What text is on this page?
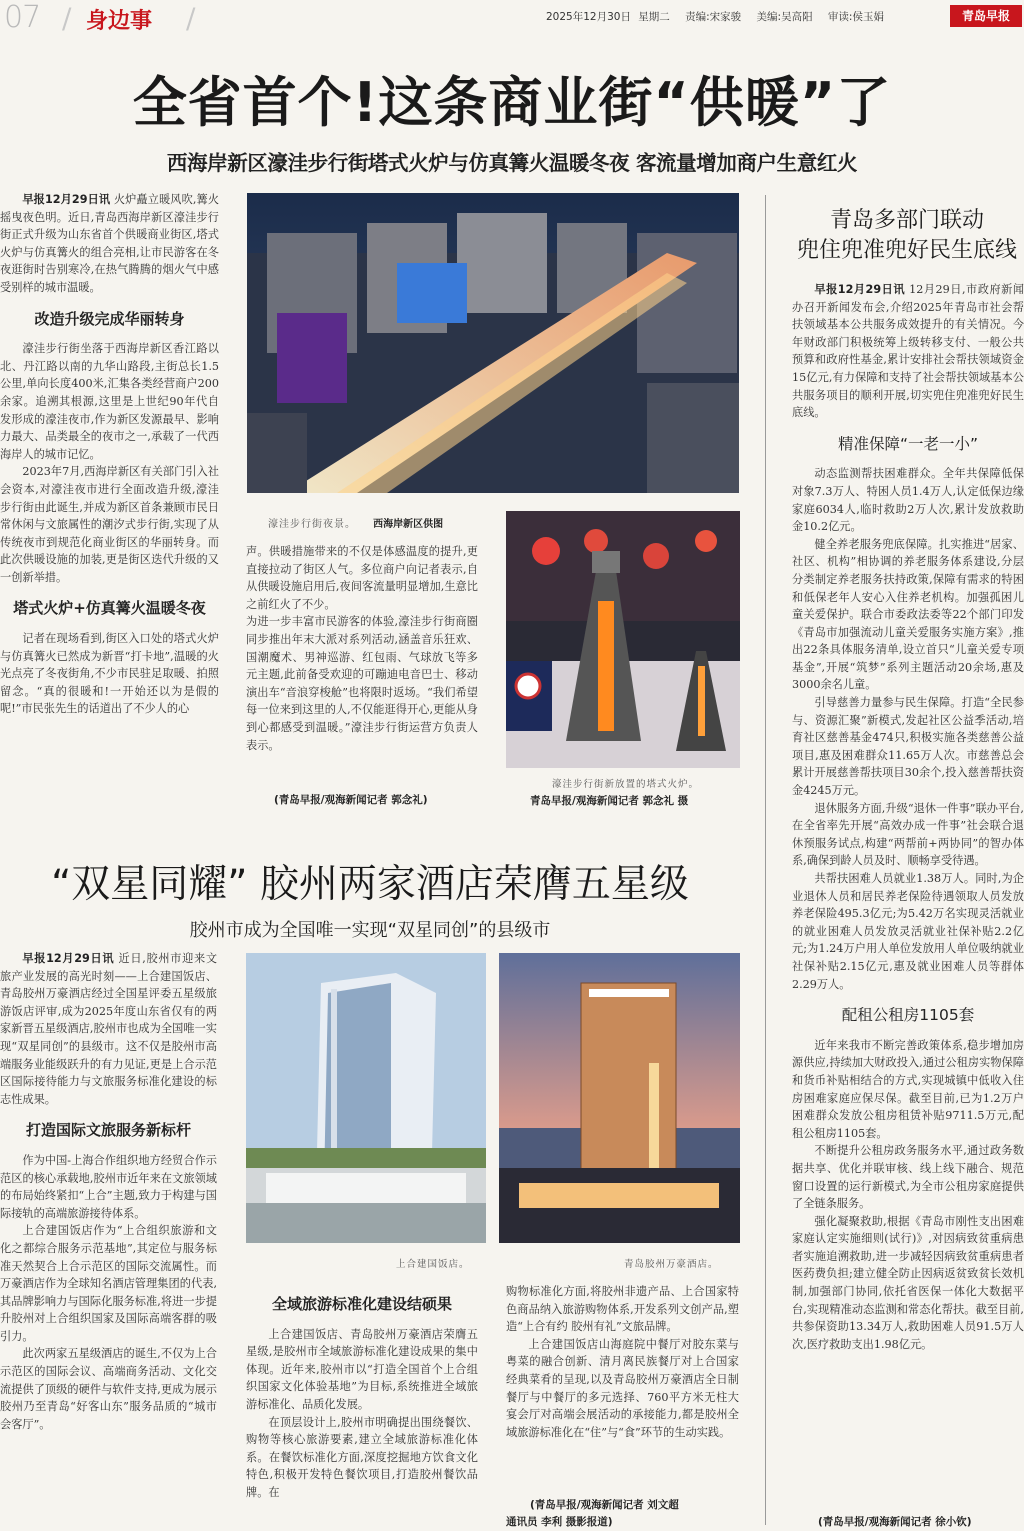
07 / 身边事 /	2025年12月30日 星期二 责编:宋家骏 美编:吴高阳 审读:侯玉娟	青岛早报
全省首个!这条商业街“供暖”了
西海岸新区濠洼步行街塔式火炉与仿真篝火温暖冬夜 客流量增加商户生意红火

早报12月29日讯 火炉矗立暖风吹,篝火摇曳夜色明。近日,青岛西海岸新区濠洼步行街正式升级为山东省首个供暖商业街区,塔式火炉与仿真篝火的组合亮相,让市民游客在冬夜逛街时告别寒冷,在热气腾腾的烟火气中感受别样的城市温暖。

改造升级完成华丽转身

濠洼步行街坐落于西海岸新区香江路以北、丹江路以南的九华山路段,主街总长1.5公里,单向长度400米,汇集各类经营商户200余家。追溯其根源,这里是上世纪90年代自发形成的濠洼夜市,作为新区发源最早、影响力最大、品类最全的夜市之一,承载了一代西海岸人的城市记忆。

2023年7月,西海岸新区有关部门引入社会资本,对濠洼夜市进行全面改造升级,濠洼步行街由此诞生,并成为新区首条兼顾市民日常休闲与文旅属性的潮汐式步行街,实现了从传统夜市到规范化商业街区的华丽转身。而此次供暖设施的加装,更是街区迭代升级的又一创新举措。

塔式火炉+仿真篝火温暖冬夜

记者在现场看到,街区入口处的塔式火炉与仿真篝火已然成为新晋“打卡地”,温暖的火光点亮了冬夜街角,不少市民驻足取暖、拍照留念。“真的很暖和!一开始还以为是假的呢!”市民张先生的话道出了不少人的心

濠洼步行街夜景。 西海岸新区供图

声。供暖措施带来的不仅是体感温度的提升,更直接拉动了街区人气。多位商户向记者表示,自从供暖设施启用后,夜间客流量明显增加,生意比之前红火了不少。

为进一步丰富市民游客的体验,濠洼步行街商圈同步推出年末大派对系列活动,涵盖音乐狂欢、国潮魔术、男神巡游、红包雨、气球放飞等多元主题,此前备受欢迎的可蹦迪电音巴士、移动演出车“音浪穿梭舱”也将限时返场。“我们希望每一位来到这里的人,不仅能逛得开心,更能从身到心都感受到温暖。”濠洼步行街运营方负责人表示。

(青岛早报/观海新闻记者 郭念礼)
濠洼步行街新放置的塔式火炉。
青岛早报/观海新闻记者 郭念礼 摄
“双星同耀” 胶州两家酒店荣膺五星级
胶州市成为全国唯一实现“双星同创”的县级市

早报12月29日讯 近日,胶州市迎来文旅产业发展的高光时刻——上合建国饭店、青岛胶州万豪酒店经过全国星评委五星级旅游饭店评审,成为2025年度山东省仅有的两家新晋五星级酒店,胶州市也成为全国唯一实现“双星同创”的县级市。这不仅是胶州市高端服务业能级跃升的有力见证,更是上合示范区国际接待能力与文旅服务标准化建设的标志性成果。

打造国际文旅服务新标杆

作为中国-上海合作组织地方经贸合作示范区的核心承载地,胶州市近年来在文旅领域的布局始终紧扣“上合”主题,致力于构建与国际接轨的高端旅游接待体系。

上合建国饭店作为“上合组织旅游和文化之都综合服务示范基地”,其定位与服务标准天然契合上合示范区的国际交流属性。而万豪酒店作为全球知名酒店管理集团的代表,其品牌影响力与国际化服务标准,将进一步提升胶州对上合组织国家及国际高端客群的吸引力。

此次两家五星级酒店的诞生,不仅为上合示范区的国际会议、高端商务活动、文化交流提供了顶级的硬件与软件支持,更成为展示胶州乃至青岛“好客山东”服务品质的“城市会客厅”。

上合建国饭店。	青岛胶州万豪酒店。
全域旅游标准化建设结硕果

上合建国饭店、青岛胶州万豪酒店荣膺五星级,是胶州市全域旅游标准化建设成果的集中体现。近年来,胶州市以“打造全国首个上合组织国家文化体验基地”为目标,系统推进全域旅游标准化、品质化发展。

在顶层设计上,胶州市明确提出围绕餐饮、购物等核心旅游要素,建立全域旅游标准化体系。在餐饮标准化方面,深度挖掘地方饮食文化特色,积极开发特色餐饮项目,打造胶州餐饮品牌。在

购物标准化方面,将胶州非遗产品、上合国家特色商品纳入旅游购物体系,开发系列文创产品,塑造“上合有约 胶州有礼”文旅品牌。

上合建国饭店山海庭院中餐厅对胶东菜与粤菜的融合创新、清月离民族餐厅对上合国家经典菜肴的呈现,以及青岛胶州万豪酒店全日制餐厅与中餐厅的多元选择、760平方米无柱大宴会厅对高端会展活动的承接能力,都是胶州全域旅游标准化在“住”与“食”环节的生动实践。

(青岛早报/观海新闻记者 刘文超
通讯员 李利 摄影报道)
青岛多部门联动
兜住兜准兜好民生底线

早报12月29日讯 12月29日,市政府新闻办召开新闻发布会,介绍2025年青岛市社会帮扶领域基本公共服务成效提升的有关情况。今年财政部门积极统筹上级转移支付、一般公共预算和政府性基金,累计安排社会帮扶领域资金15亿元,有力保障和支持了社会帮扶领域基本公共服务项目的顺利开展,切实兜住兜准兜好民生底线。

精准保障“一老一小”

动态监测帮扶困难群众。全年共保障低保对象7.3万人、特困人员1.4万人,认定低保边缘家庭6034人,临时救助2万人次,累计发放救助金10.2亿元。

健全养老服务兜底保障。扎实推进“居家、社区、机构”相协调的养老服务体系建设,分层分类制定养老服务扶持政策,保障有需求的特困和低保老年人安心入住养老机构。加强孤困儿童关爱保护。联合市委政法委等22个部门印发《青岛市加强流动儿童关爱服务实施方案》,推出22条具体服务清单,设立首只“儿童关爱专项基金”,开展“筑梦”系列主题活动20余场,惠及3000余名儿童。

引导慈善力量参与民生保障。打造“全民参与、资源汇聚”新模式,发起社区公益季活动,培育社区慈善基金474只,积极实施各类慈善公益项目,惠及困难群众11.65万人次。市慈善总会累计开展慈善帮扶项目30余个,投入慈善帮扶资金4245万元。

退休服务方面,升级“退休一件事”联办平台,在全省率先开展“高效办成一件事”社会联合退休预服务试点,构建“两帮前+两协同”的智办体系,确保到龄人员及时、顺畅享受待遇。

共帮扶困难人员就业1.38万人。同时,为企业退休人员和居民养老保险待遇领取人员发放养老保险495.3亿元;为5.42万名实现灵活就业的就业困难人员发放灵活就业社保补贴2.2亿元;为1.24万户用人单位发放用人单位吸纳就业社保补贴2.15亿元,惠及就业困难人员等群体2.29万人。

配租公租房1105套

近年来我市不断完善政策体系,稳步增加房源供应,持续加大财政投入,通过公租房实物保障和货币补贴相结合的方式,实现城镇中低收入住房困难家庭应保尽保。截至目前,已为1.2万户困难群众发放公租房租赁补贴9711.5万元,配租公租房1105套。

不断提升公租房政务服务水平,通过政务数据共享、优化并联审核、线上线下融合、规范窗口设置的运行新模式,为全市公租房家庭提供了全链条服务。

强化凝聚救助,根据《青岛市刚性支出困难家庭认定实施细则(试行)》,对因病致贫重病患者实施追溯救助,进一步减轻因病致贫重病患者医药费负担;建立健全防止因病返贫致贫长效机制,加强部门协同,依托省医保一体化大数据平台,实现精准动态监测和常态化帮扶。截至目前,共参保资助13.34万人,救助困难人员91.5万人次,医疗救助支出1.98亿元。

(青岛早报/观海新闻记者 徐小钦)
